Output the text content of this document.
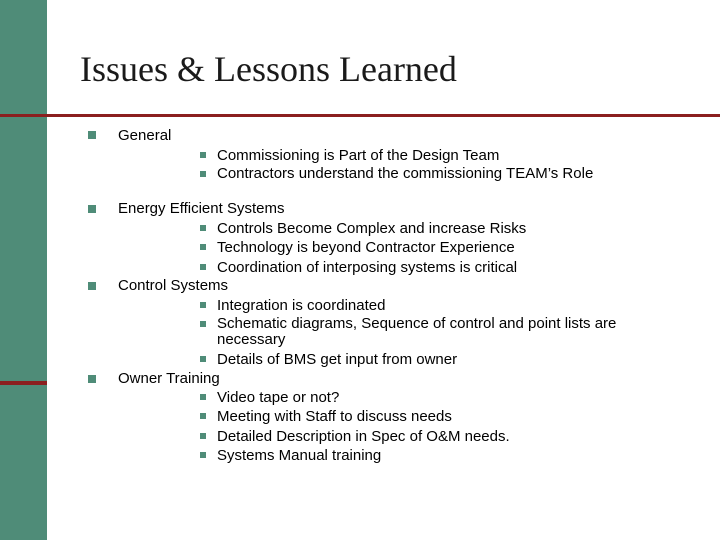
Issues & Lessons Learned
General
Commissioning is Part of the Design Team
Contractors understand the commissioning TEAM’s Role
Energy Efficient Systems
Controls Become Complex and increase Risks
Technology is beyond Contractor Experience
Coordination of interposing systems is critical
Control Systems
Integration is coordinated
Schematic diagrams, Sequence of control and point lists are necessary
Details of BMS get input from owner
Owner Training
Video tape or not?
Meeting with Staff to discuss needs
Detailed Description in Spec of O&M needs.
Systems Manual training
